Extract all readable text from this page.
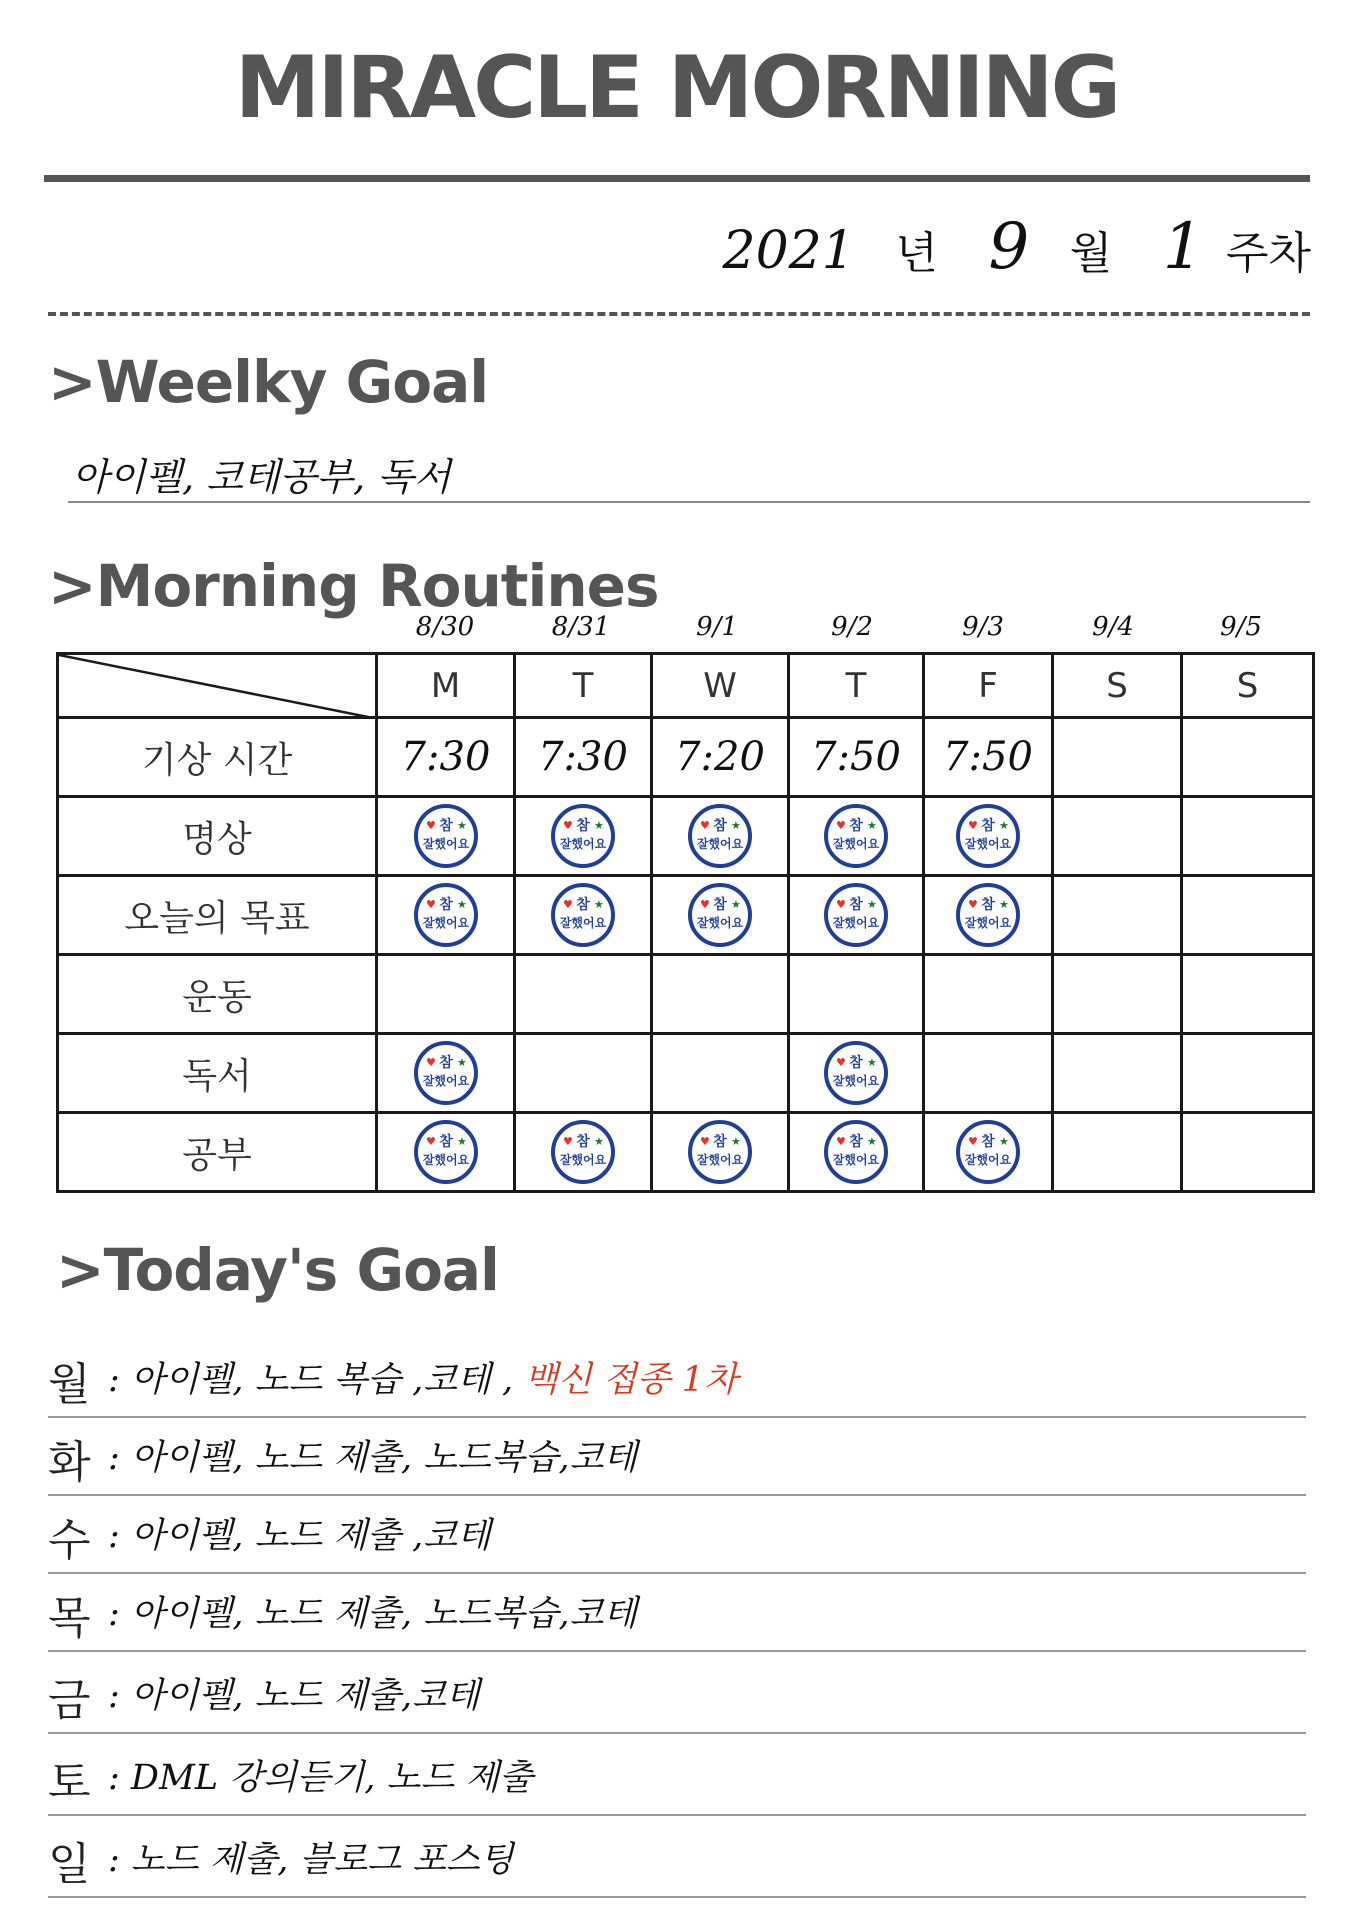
MIRACLE MORNING
2021 년 9 월 1 주차
>Weelky Goal
아이펠, 코테공부, 독서
>Morning Routines
8/30	8/31	9/1	9/2	9/3	9/4	9/5
	M	T	W	T	F	S	S
기상 시간	7:30	7:30	7:20	7:50	7:50		
명상	♥ ★
참
잘했어요	♥ ★
참
잘했어요	♥ ★
참
잘했어요	♥ ★
참
잘했어요	♥ ★
참
잘했어요		

오늘의 목표	♥ ★
참
잘했어요	♥ ★
참
잘했어요	♥ ★
참
잘했어요	♥ ★
참
잘했어요	♥ ★
참
잘했어요		

운동							
독서	♥ ★
참
잘했어요			♥ ★
참
잘했어요			

공부	♥ ★
참
잘했어요	♥ ★
참
잘했어요	♥ ★
참
잘했어요	♥ ★
참
잘했어요	♥ ★
참
잘했어요		

>Today's Goal
월 : 아이펠, 노드 복습 ,코테 , 백신 접종 1차
화 : 아이펠, 노드 제출, 노드복습,코테
수 : 아이펠, 노드 제출 ,코테
목 : 아이펠, 노드 제출, 노드복습,코테
금 : 아이펠, 노드 제출,코테
토 : DML 강의듣기, 노드 제출
일 : 노드 제출, 블로그 포스팅
